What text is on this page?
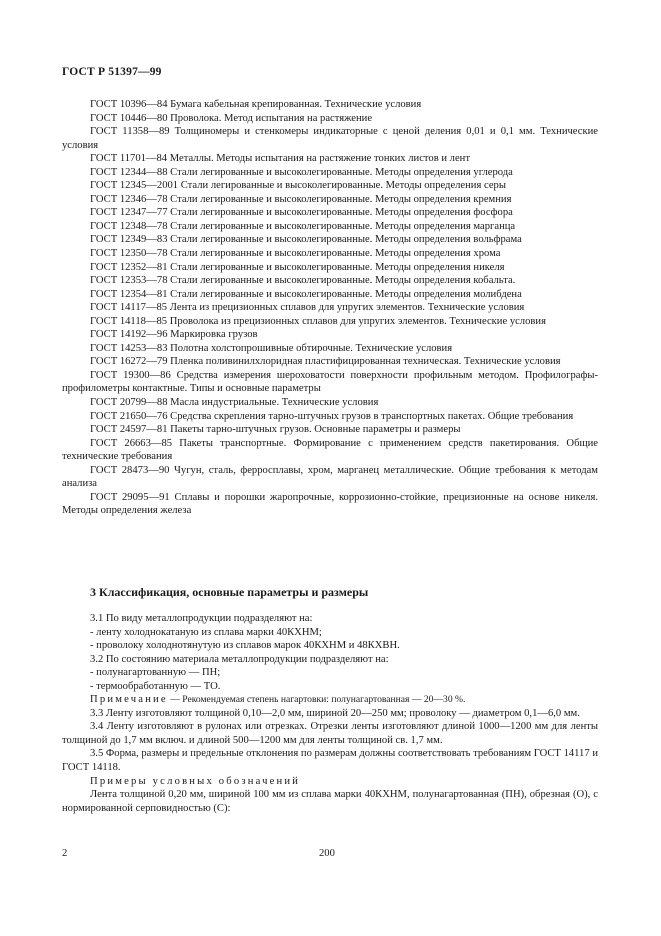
ГОСТ Р 51397—99

ГОСТ 10396—84 Бумага кабельная крепированная. Технические условия

ГОСТ 10446—80 Проволока. Метод испытания на растяжение

ГОСТ 11358—89 Толщиномеры и стенкомеры индикаторные с ценой деления 0,01 и 0,1 мм. Технические условия

ГОСТ 11701—84 Металлы. Методы испытания на растяжение тонких листов и лент

ГОСТ 12344—88 Стали легированные и высоколегированные. Методы определения углерода

ГОСТ 12345—2001 Стали легированные и высоколегированные. Методы определения серы

ГОСТ 12346—78 Стали легированные и высоколегированные. Методы определения кремния

ГОСТ 12347—77 Стали легированные и высоколегированные. Методы определения фосфора

ГОСТ 12348—78 Стали легированные и высоколегированные. Методы определения марганца

ГОСТ 12349—83 Стали легированные и высоколегированные. Методы определения вольфрама

ГОСТ 12350—78 Стали легированные и высоколегированные. Методы определения хрома

ГОСТ 12352—81 Стали легированные и высоколегированные. Методы определения никеля

ГОСТ 12353—78 Стали легированные и высоколегированные. Методы определения кобальта.

ГОСТ 12354—81 Стали легированные и высоколегированные. Методы определения молибдена

ГОСТ 14117—85 Лента из прецизионных сплавов для упругих элементов. Технические условия

ГОСТ 14118—85 Проволока из прецизионных сплавов для упругих элементов. Технические условия

ГОСТ 14192—96 Маркировка грузов

ГОСТ 14253—83 Полотна холстопрошивные обтирочные. Технические условия

ГОСТ 16272—79 Пленка поливинилхлоридная пластифицированная техническая. Технические условия

ГОСТ 19300—86 Средства измерения шероховатости поверхности профильным методом. Профилографы-профилометры контактные. Типы и основные параметры

ГОСТ 20799—88 Масла индустриальные. Технические условия

ГОСТ 21650—76 Средства скрепления тарно-штучных грузов в транспортных пакетах. Общие требования

ГОСТ 24597—81 Пакеты тарно-штучных грузов. Основные параметры и размеры

ГОСТ 26663—85 Пакеты транспортные. Формирование с применением средств пакетирования. Общие технические требования

ГОСТ 28473—90 Чугун, сталь, ферросплавы, хром, марганец металлические. Общие требования к методам анализа

ГОСТ 29095—91 Сплавы и порошки жаропрочные, коррозионно-стойкие, прецизионные на основе никеля. Методы определения железа

3 Классификация, основные параметры и размеры

3.1 По виду металлопродукции подразделяют на:

- ленту холоднокатаную из сплава марки 40КХНМ;

- проволоку холоднотянутую из сплавов марок 40КХНМ и 48КХВН.

3.2 По состоянию материала металлопродукции подразделяют на:

- полунагартованную — ПН;

- термообработанную — ТО.

Примечание — Рекомендуемая степень нагартовки: полунагартованная — 20—30 %.

3.3 Ленту изготовляют толщиной 0,10—2,0 мм, шириной 20—250 мм; проволоку — диаметром 0,1—6,0 мм.

3.4 Ленту изготовляют в рулонах или отрезках. Отрезки ленты изготовляют длиной 1000—1200 мм для ленты толщиной до 1,7 мм включ. и длиной 500—1200 мм для ленты толщиной св. 1,7 мм.

3.5 Форма, размеры и предельные отклонения по размерам должны соответствовать требованиям ГОСТ 14117 и ГОСТ 14118.

Примеры условных обозначений

Лента толщиной 0,20 мм, шириной 100 мм из сплава марки 40КХНМ, полунагартованная (ПН), обрезная (О), с нормированной серповидностью (С):

2	200
